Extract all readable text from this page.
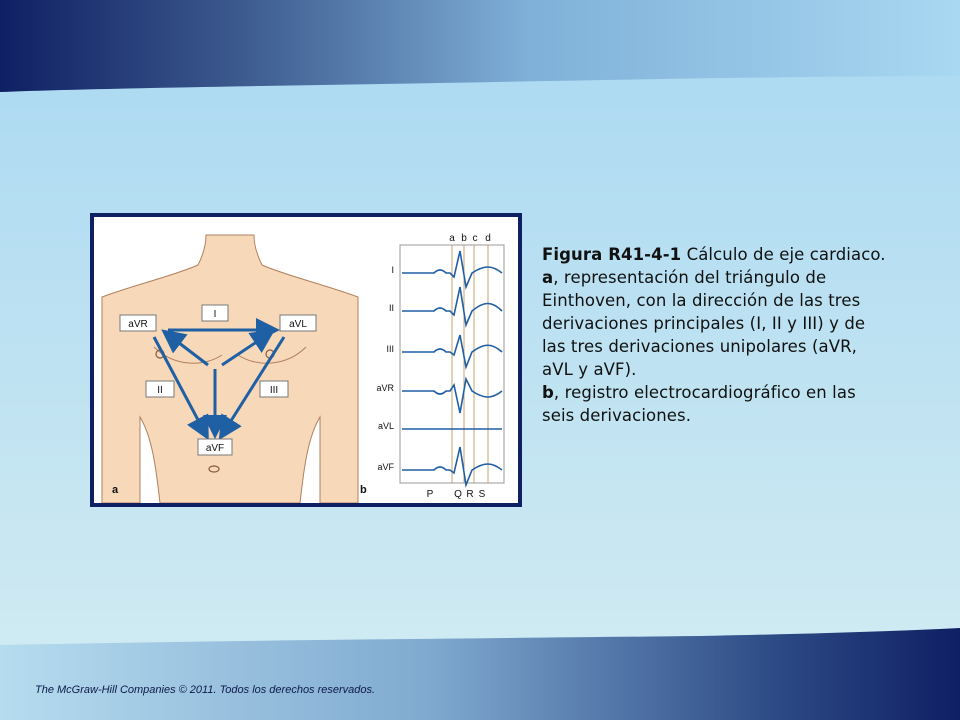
I
aVR	aVL
II	III
aVF
a
a b c d
I
II
III
aVR
aVL
aVF
P Q R S
b
Figura R41-4-1 Cálculo de eje cardiaco. a, representación del triángulo de Einthoven, con la dirección de las tres derivaciones principales (I, II y III) y de las tres derivaciones unipolares (aVR, aVL y aVF).
b, registro electrocardiográfico en las seis derivaciones.
The McGraw-Hill Companies © 2011. Todos los derechos reservados.
